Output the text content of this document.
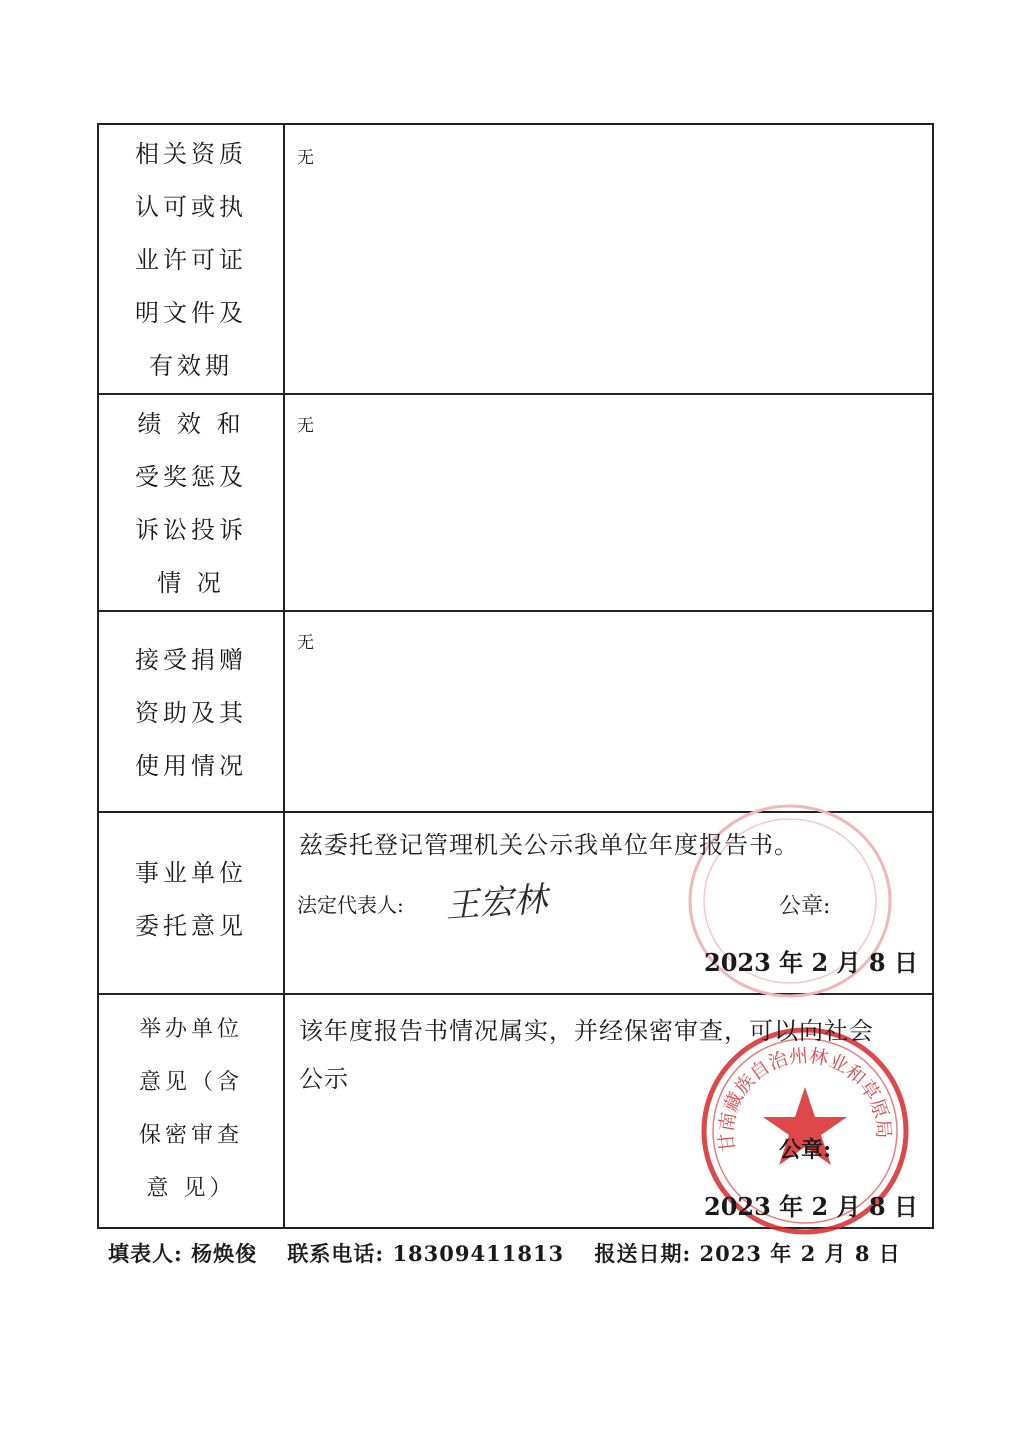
相关资质
认可或执
业许可证
明文件及
有效期	无

绩 效 和
受奖惩及
诉讼投诉
情 况	无

接受捐赠
资助及其
使用情况	无

事业单位
委托意见	兹委托登记管理机关公示我单位年度报告书。
法定代表人: 王宏林 公章:
2023 年 2 月 8 日

举办单位
意见（含
保密审查
意 见）	甘南藏族自治州林业和草原局
该年度报告书情况属实，并经保密审查，可以向社会
公示
公章:
2023 年 2 月 8 日
填表人: 杨焕俊 联系电话: 18309411813 报送日期: 2023 年 2 月 8 日
